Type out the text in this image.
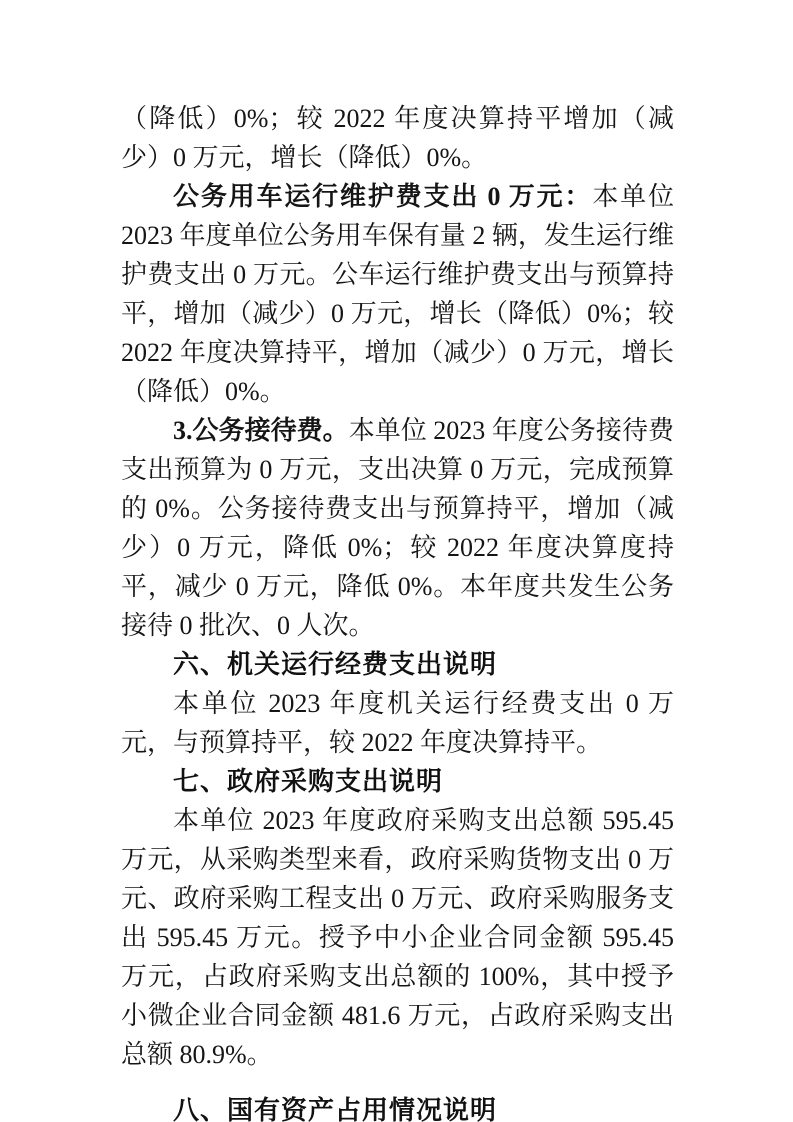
（降低）0%；较 2022 年度决算持平增加（减少）0 万元，增长（降低）0%。

公务用车运行维护费支出 0 万元：本单位 2023 年度单位公务用车保有量 2 辆，发生运行维护费支出 0 万元。公车运行维护费支出与预算持平，增加（减少）0 万元，增长（降低）0%；较 2022 年度决算持平，增加（减少）0 万元，增长（降低）0%。

3.公务接待费。本单位 2023 年度公务接待费支出预算为 0 万元，支出决算 0 万元，完成预算的 0%。公务接待费支出与预算持平，增加（减少）0 万元，降低 0%；较 2022 年度决算度持平，减少 0 万元，降低 0%。本年度共发生公务接待 0 批次、0 人次。

六、机关运行经费支出说明

本单位 2023 年度机关运行经费支出 0 万元，与预算持平，较 2022 年度决算持平。

七、政府采购支出说明

本单位 2023 年度政府采购支出总额 595.45 万元，从采购类型来看，政府采购货物支出 0 万元、政府采购工程支出 0 万元、政府采购服务支出 595.45 万元。授予中小企业合同金额 595.45 万元，占政府采购支出总额的 100%，其中授予小微企业合同金额 481.6 万元，占政府采购支出总额 80.9%。

八、国有资产占用情况说明
